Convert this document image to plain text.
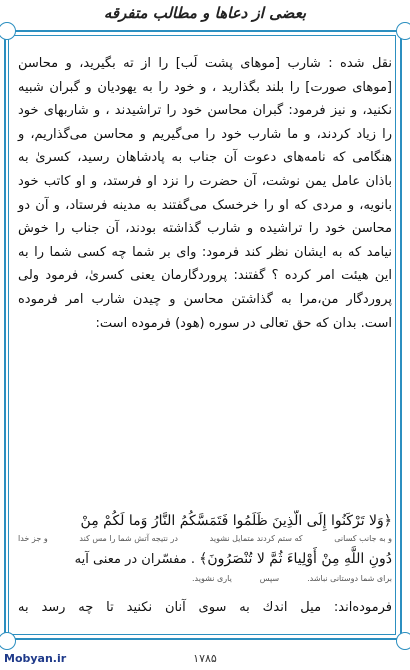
بعضى از دعاها و مطالب متفرقه

نقل شده : شارب [موهای پشت لَب] را از ته بگیرید، و محاسن [موهای صورت] را بلند بگذارید ، و خود را به یهودیان و گبران شبیه نکنید، و نیز فرمود: گبران محاسن خود را تراشیدند ، و شاربهای خود را زیاد کردند، و ما شارب خود را می‌گیریم و محاسن می‌گذاریم، و هنگامی که نامه‌های دعوت آن جناب به پادشاهان رسید، کسریٰ به باذان عامل یمن نوشت، آن حضرت را نزد او فرستد، و او کاتب خود بانویه، و مردی که او را خرخسک می‌گفتند به مدینه فرستاد، و آن دو محاسن خود را تراشیده و شارب گذاشته بودند، آن جناب را خوش نیامد که به ایشان نظر کند فرمود: وای بر شما چه کسی شما را به این هیئت امر کرده ؟ گفتند: پروردگارمان یعنی کسریٰ، فرمود ولی پروردگار من،مرا به گذاشتن محاسن و چیدن شارب امر فرموده است. بدان که حق تعالی در سوره (هود) فرموده است:

﴿وَلا تَرْكَنُوا إِلَى الَّذِينَ ظَلَمُوا فَتَمَسَّكُمُ النَّارُ وَما لَكُمْ مِنْ
و به جانب كسانى
كه ستم كردند متمايل نشويد
در نتيجه آتش شما را مس كند
و جز خدا
دُونِ اللَّهِ مِنْ أَوْلِياءَ ثُمَّ لا تُنْصَرُونَ﴾ . مفسّران در معنى آيه
براى شما دوستانى نباشد.
سپس
يارى نشويد.
فرموده‌اند: ميل اندك به سوى آنان نكنيد تا چه رسد به
Mobyan.ir	۱۷۸۵
